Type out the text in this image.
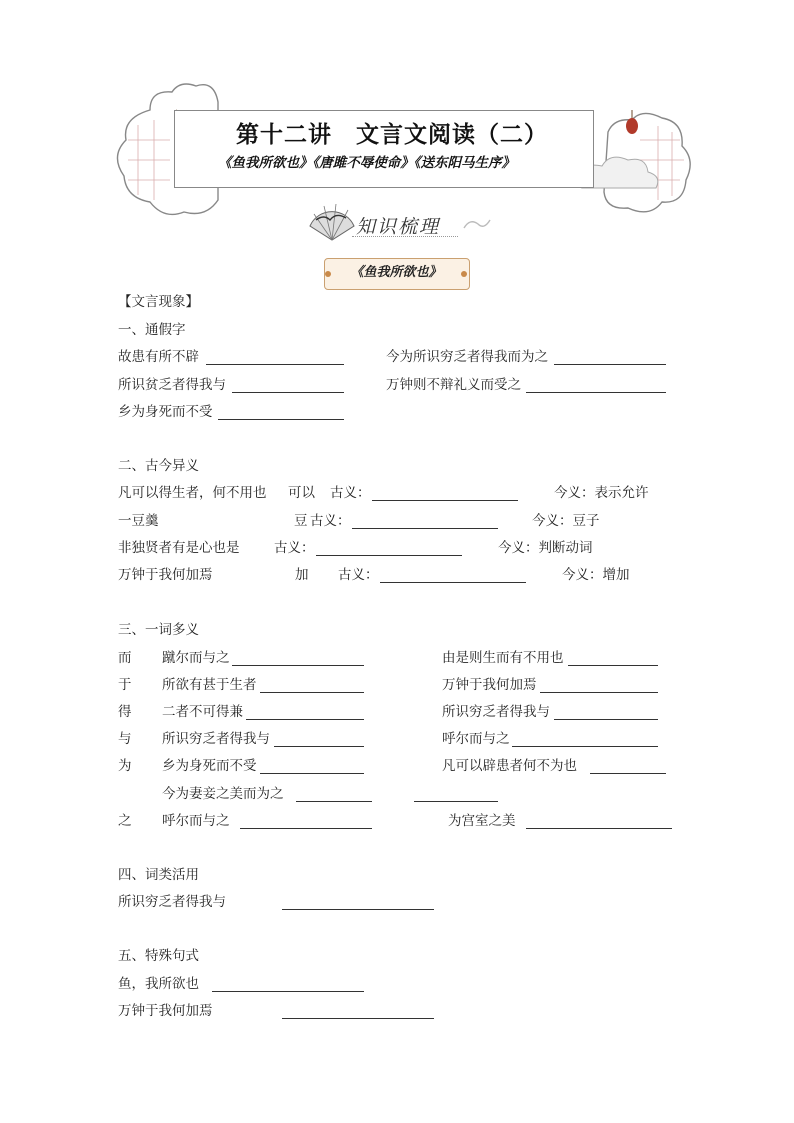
第十二讲　文言文阅读（二）
《鱼我所欲也》《唐雎不辱使命》《送东阳马生序》
知识梳理
《鱼我所欲也》
【文言现象】
一、通假字
故患有所不辟	今为所识穷乏者得我而为之
所识贫乏者得我与	万钟则不辩礼义而受之
乡为身死而不受
二、古今异义
凡可以得生者，何不用也 可以 古义：	今义：表示允许
一豆羹	豆 古义：	今义：豆子
非独贤者有是心也是	古义：	今义：判断动词
万钟于我何加焉	加 古义：	今义：增加
三、一词多义
而 蹴尔而与之	由是则生而有不用也
于 所欲有甚于生者	万钟于我何加焉
得 二者不可得兼	所识穷乏者得我与
与 所识穷乏者得我与	呼尔而与之
为 乡为身死而不受	凡可以辟患者何不为也
今为妻妾之美而为之
之 呼尔而与之	为宫室之美
四、词类活用
所识穷乏者得我与
五、特殊句式
鱼，我所欲也
万钟于我何加焉
